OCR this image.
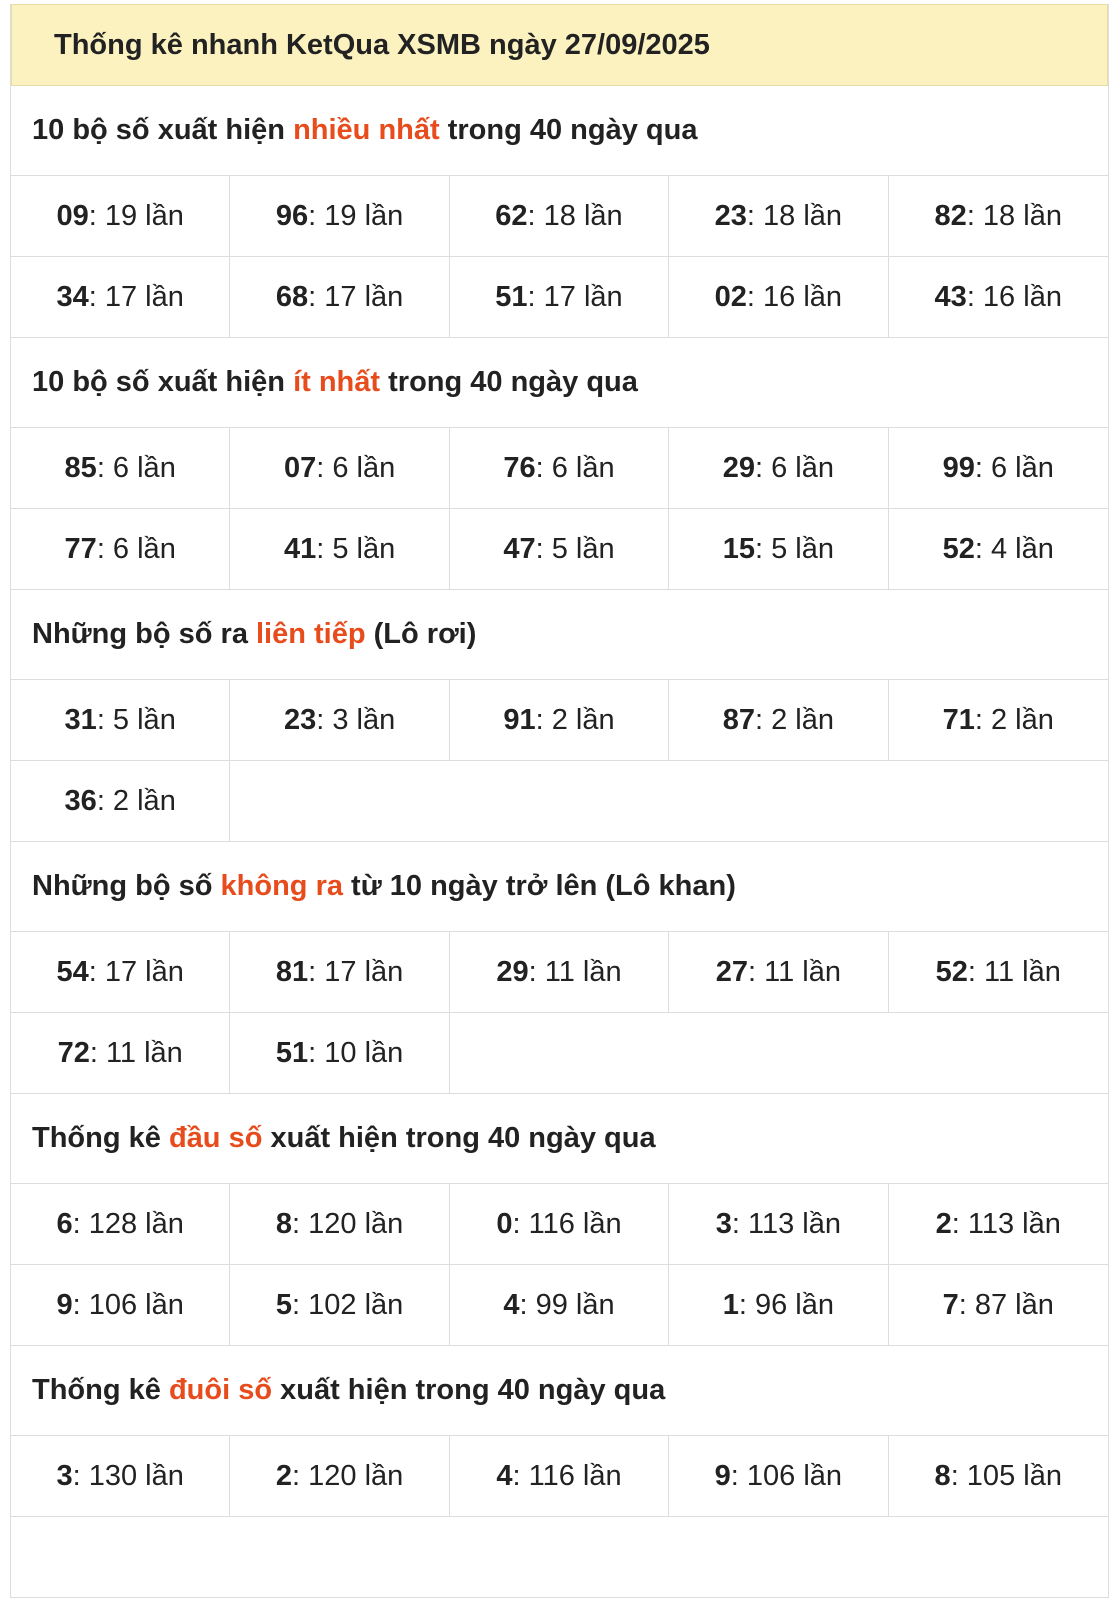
Thống kê nhanh KetQua XSMB ngày 27/09/2025
10 bộ số xuất hiện nhiều nhất trong 40 ngày qua
09 : 19 lần	96 : 19 lần	62 : 18 lần	23 : 18 lần	82 : 18 lần
34 : 17 lần	68 : 17 lần	51 : 17 lần	02 : 16 lần	43 : 16 lần
10 bộ số xuất hiện ít nhất trong 40 ngày qua
85 : 6 lần	07 : 6 lần	76 : 6 lần	29 : 6 lần	99 : 6 lần
77 : 6 lần	41 : 5 lần	47 : 5 lần	15 : 5 lần	52 : 4 lần
Những bộ số ra liên tiếp (Lô rơi)
31 : 5 lần	23 : 3 lần	91 : 2 lần	87 : 2 lần	71 : 2 lần
36 : 2 lần
Những bộ số không ra từ 10 ngày trở lên (Lô khan)
54 : 17 lần	81 : 17 lần	29 : 11 lần	27 : 11 lần	52 : 11 lần
72 : 11 lần	51 : 10 lần
Thống kê đầu số xuất hiện trong 40 ngày qua
6 : 128 lần	8 : 120 lần	0 : 116 lần	3 : 113 lần	2 : 113 lần
9 : 106 lần	5 : 102 lần	4 : 99 lần	1 : 96 lần	7 : 87 lần
Thống kê đuôi số xuất hiện trong 40 ngày qua
3 : 130 lần	2 : 120 lần	4 : 116 lần	9 : 106 lần	8 : 105 lần
